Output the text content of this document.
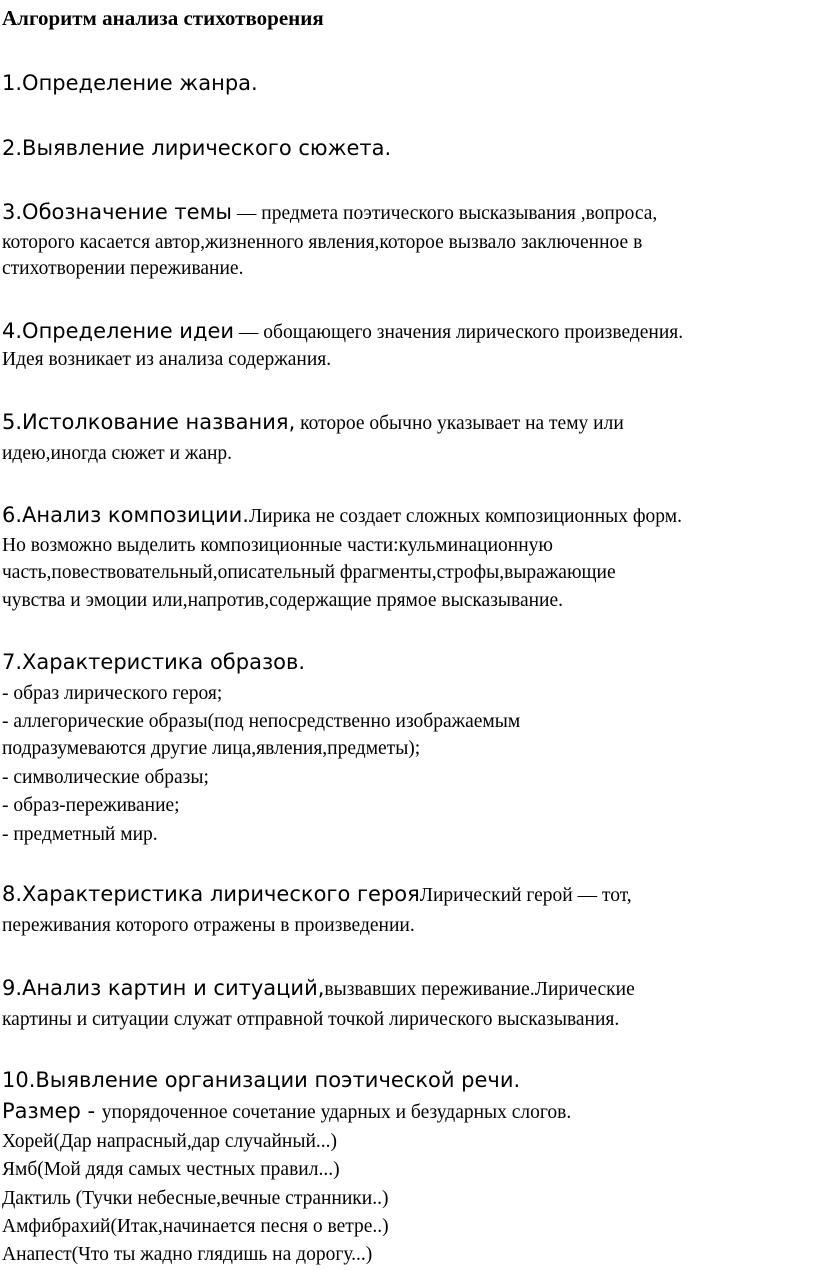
Алгоритм анализа стихотворения
1.Определение жанра.
2.Выявление лирического сюжета.
3.Обозначение темы — предмета поэтического высказывания ,вопроса,
которого касается автор,жизненного явления,которое вызвало заключенное в
стихотворении переживание.
4.Определение идеи — обощающего значения лирического произведения.
Идея возникает из анализа содержания.
5.Истолкование названия, которое обычно указывает на тему или
идею,иногда сюжет и жанр.
6.Анализ композиции.Лирика не создает сложных композиционных форм.
Но возможно выделить композиционные части:кульминационную
часть,повествовательный,описательный фрагменты,строфы,выражающие
чувства и эмоции или,напротив,содержащие прямое высказывание.
7.Характеристика образов.
- образ лирического героя;
- аллегорические образы(под непосредственно изображаемым
подразумеваются другие лица,явления,предметы);
- символические образы;
- образ-переживание;
- предметный мир.
8.Характеристика лирического герояЛирический герой — тот,
переживания которого отражены в произведении.
9.Анализ картин и ситуаций,вызвавших переживание.Лирические
картины и ситуации служат отправной точкой лирического высказывания.
10.Выявление организации поэтической речи.
Размер - упорядоченное сочетание ударных и безударных слогов.
Хорей(Дар напрасный,дар случайный...)
Ямб(Мой дядя самых честных правил...)
Дактиль (Тучки небесные,вечные странники..)
Амфибрахий(Итак,начинается песня о ветре..)
Анапест(Что ты жадно глядишь на дорогу...)
